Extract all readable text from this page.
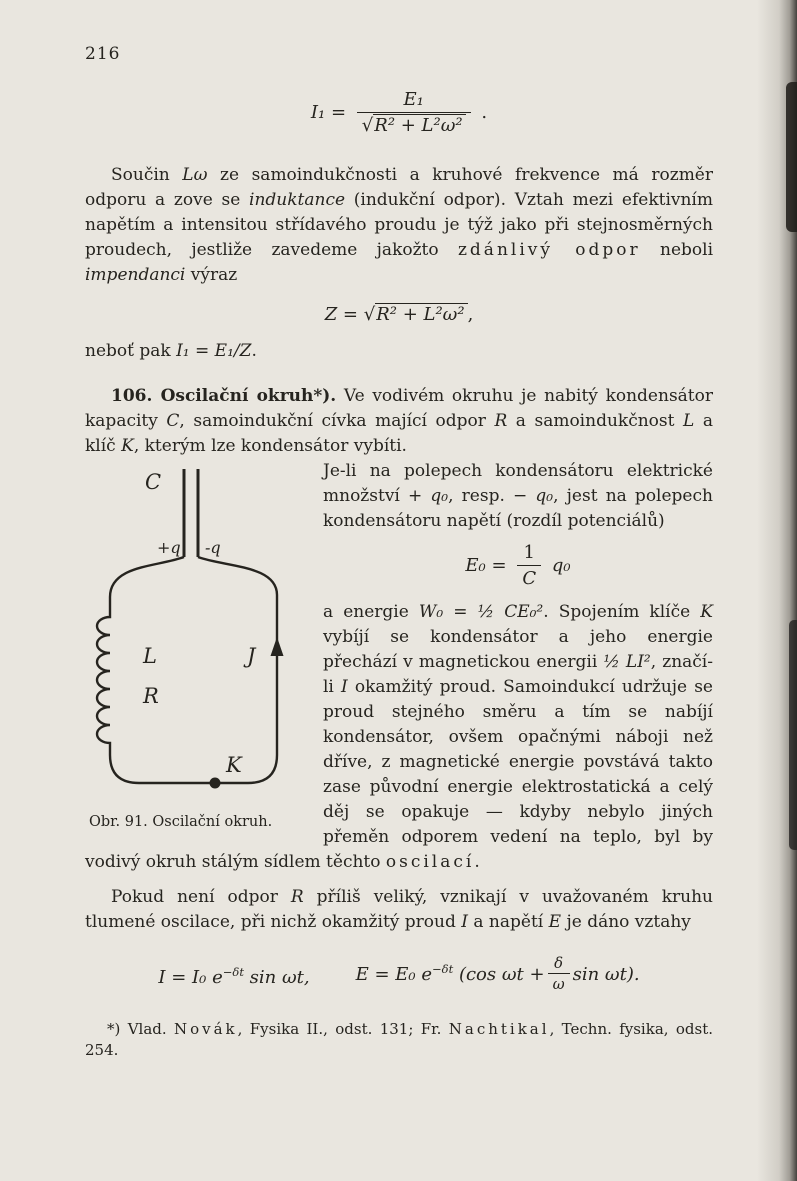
216
$I_1 = \frac{\text{E₁}}{\text{√R² + L²ω²}}$ .

Součin Lω ze samoindukčnosti a kruhové frekvence má rozměr odporu a zove se induktance (indukční odpor). Vztah mezi efektivním napětím a intensitou střídavého proudu je týž jako při stejnosměrných proudech, jestliže zavedeme jakožto zdánlivý odpor neboli impendanci výraz

Z = √R² + L²ω² ,

neboť pak I₁ = E₁/Z.

106. Oscilační okruh*). Ve vodivém okruhu je nabitý kondensátor kapacity C, samoindukční cívka mající odpor R a samoindukčnost L a klíč K, kterým lze kondensátor vybíti.

C
+q -q
L
R
J
K
Obr. 91. Oscilační okruh.

Je-li na polepech kondensátoru elektrické množství + q₀, resp. − q₀, jest na polepech kondensátoru napětí (rozdíl potenciálů)

$E_0 = \frac{1}{C} q_0$

a energie W₀ = ½ CE₀². Spojením klíče K vybíjí se kondensátor a jeho energie přechází v magnetickou energii ½ LI², značí-li I okamžitý proud. Samoindukcí udržuje se proud stejného směru a tím se nabíjí kondensátor, ovšem opačnými náboji než dříve, z magnetické energie povstává takto zase původní energie elektrostatická a celý děj se opakuje — kdyby nebylo jiných přeměn odporem vedení na teplo, byl by vodivý okruh stálým sídlem těchto oscilací.

Pokud není odpor R příliš veliký, vznikají v uvažovaném kruhu tlumené oscilace, při nichž okamžitý proud I a napětí E je dáno vztahy

I = I₀ $e^{-\delta t}$ sin ωt,	E = E₀ $e^{-\delta t}$ (cos $\omega t + \frac{\delta}{\omega}$ sin ωt).

*) Vlad. Novák, Fysika II., odst. 131; Fr. Nachtikal, Techn. fysika, odst. 254.
